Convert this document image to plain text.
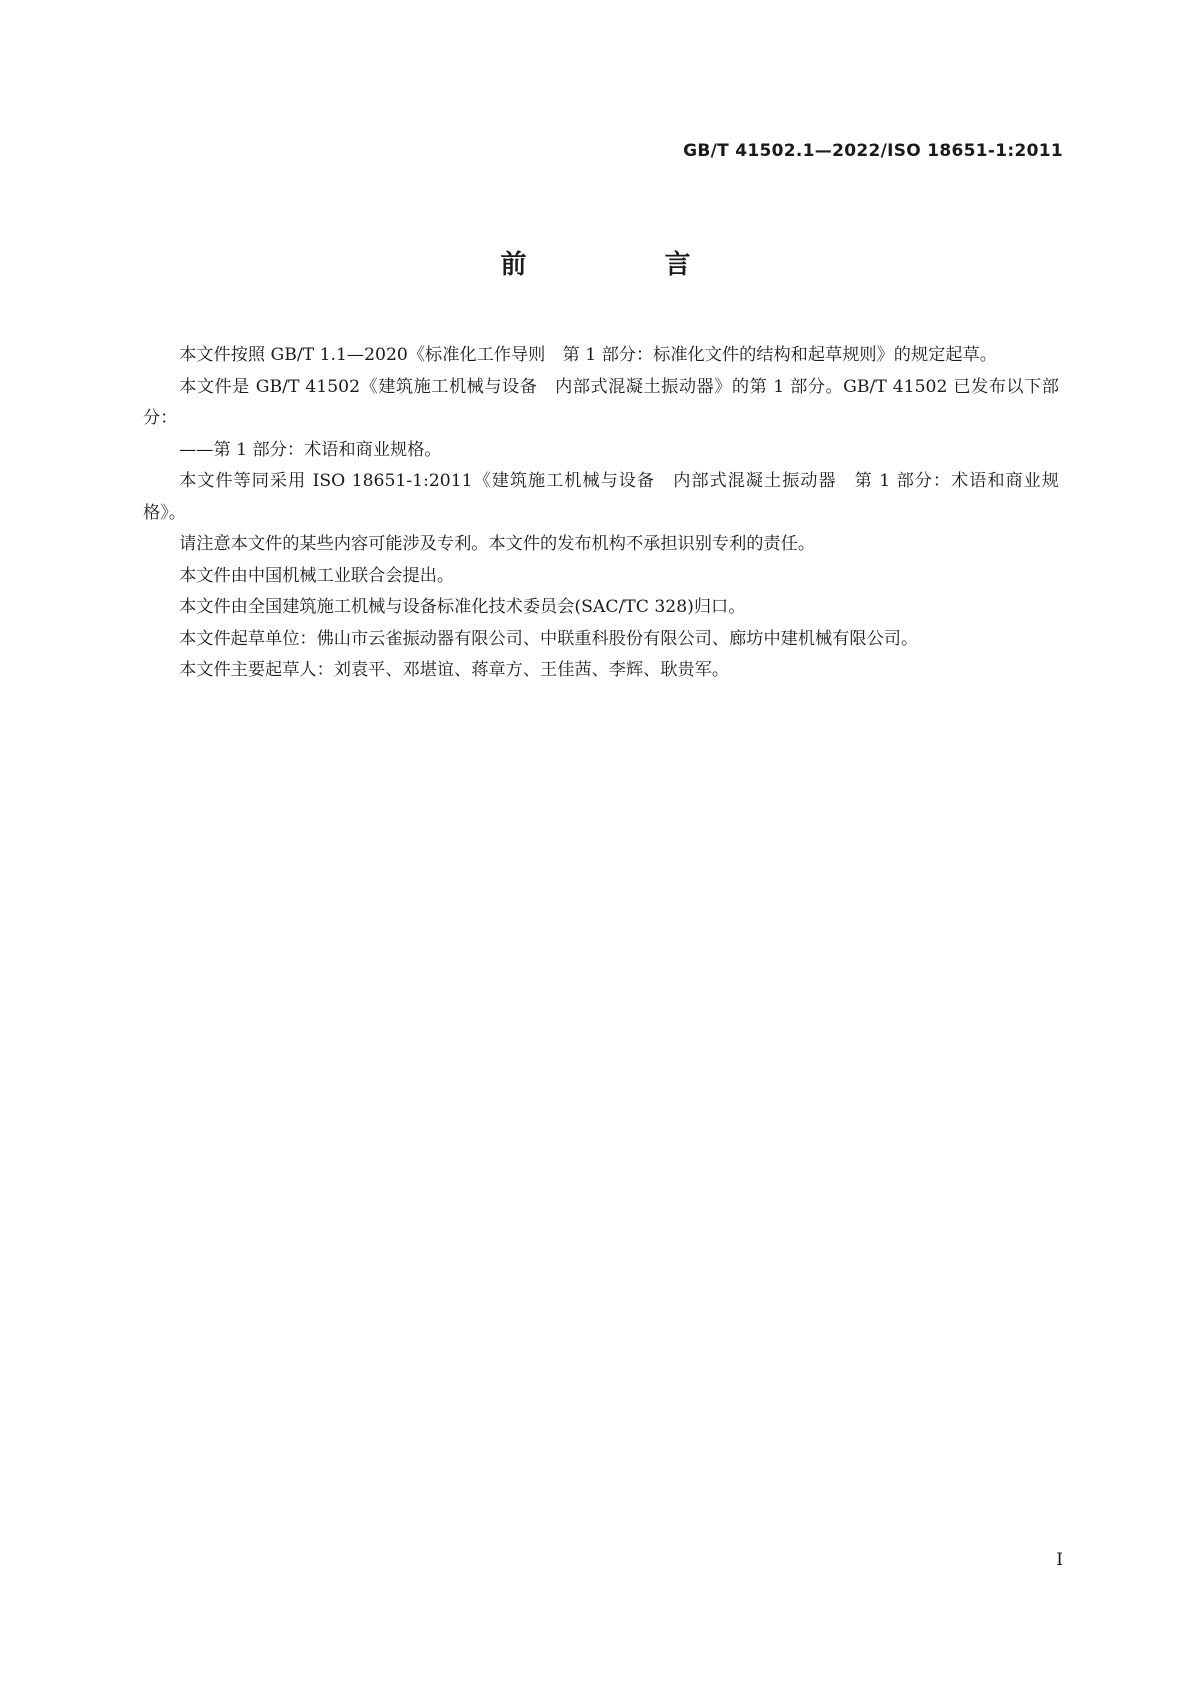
GB/T 41502.1—2022/ISO 18651-1:2011
前　言

本文件按照 GB/T 1.1—2020《标准化工作导则　第 1 部分：标准化文件的结构和起草规则》的规定起草。

本文件是 GB/T 41502《建筑施工机械与设备　内部式混凝土振动器》的第 1 部分。GB/T 41502 已发布以下部分：

——第 1 部分：术语和商业规格。

本文件等同采用 ISO 18651-1:2011《建筑施工机械与设备　内部式混凝土振动器　第 1 部分：术语和商业规格》。

请注意本文件的某些内容可能涉及专利。本文件的发布机构不承担识别专利的责任。

本文件由中国机械工业联合会提出。

本文件由全国建筑施工机械与设备标准化技术委员会(SAC/TC 328)归口。

本文件起草单位：佛山市云雀振动器有限公司、中联重科股份有限公司、廊坊中建机械有限公司。

本文件主要起草人：刘袁平、邓堪谊、蒋章方、王佳茜、李辉、耿贵军。

I
